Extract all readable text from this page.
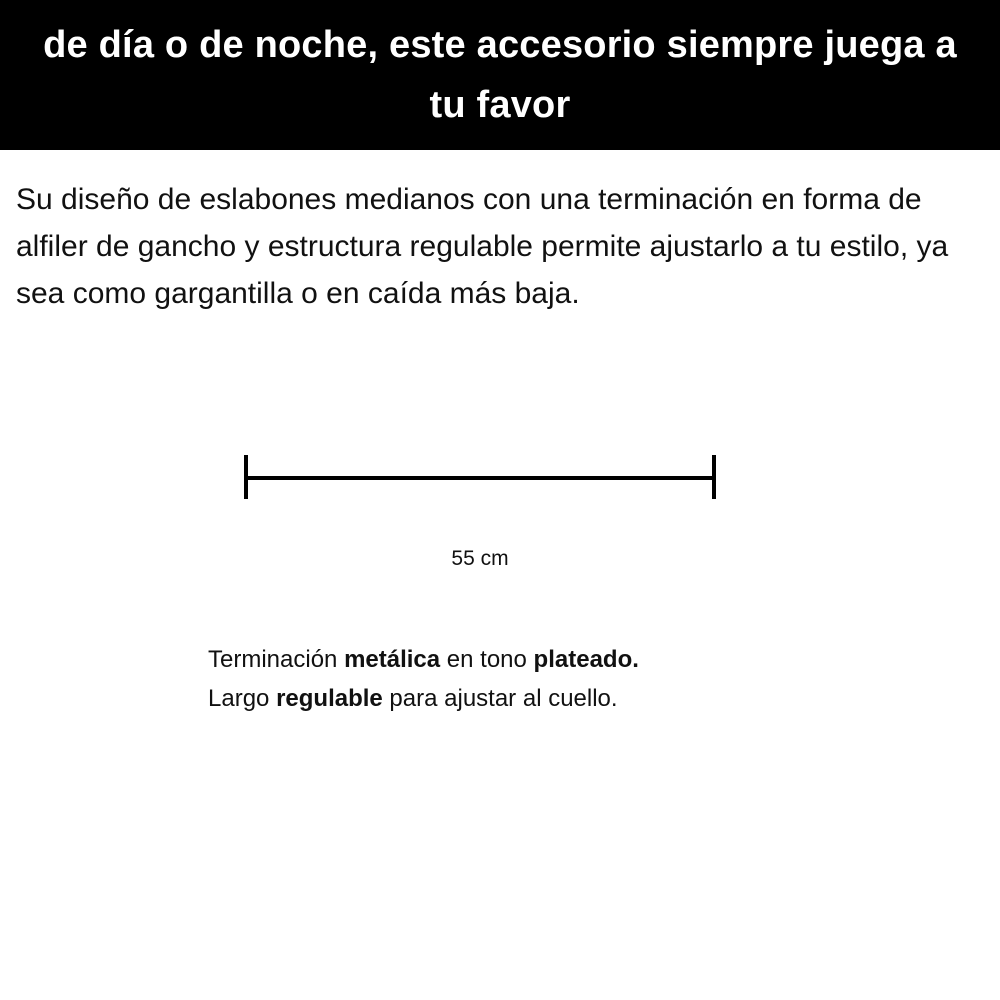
de día o de noche, este accesorio siempre juega a tu favor

Su diseño de eslabones medianos con una terminación en forma de alfiler de gancho y estructura regulable permite ajustarlo a tu estilo, ya sea como gargantilla o en caída más baja.

55 cm
Terminación metálica en tono plateado.
Largo regulable para ajustar al cuello.
